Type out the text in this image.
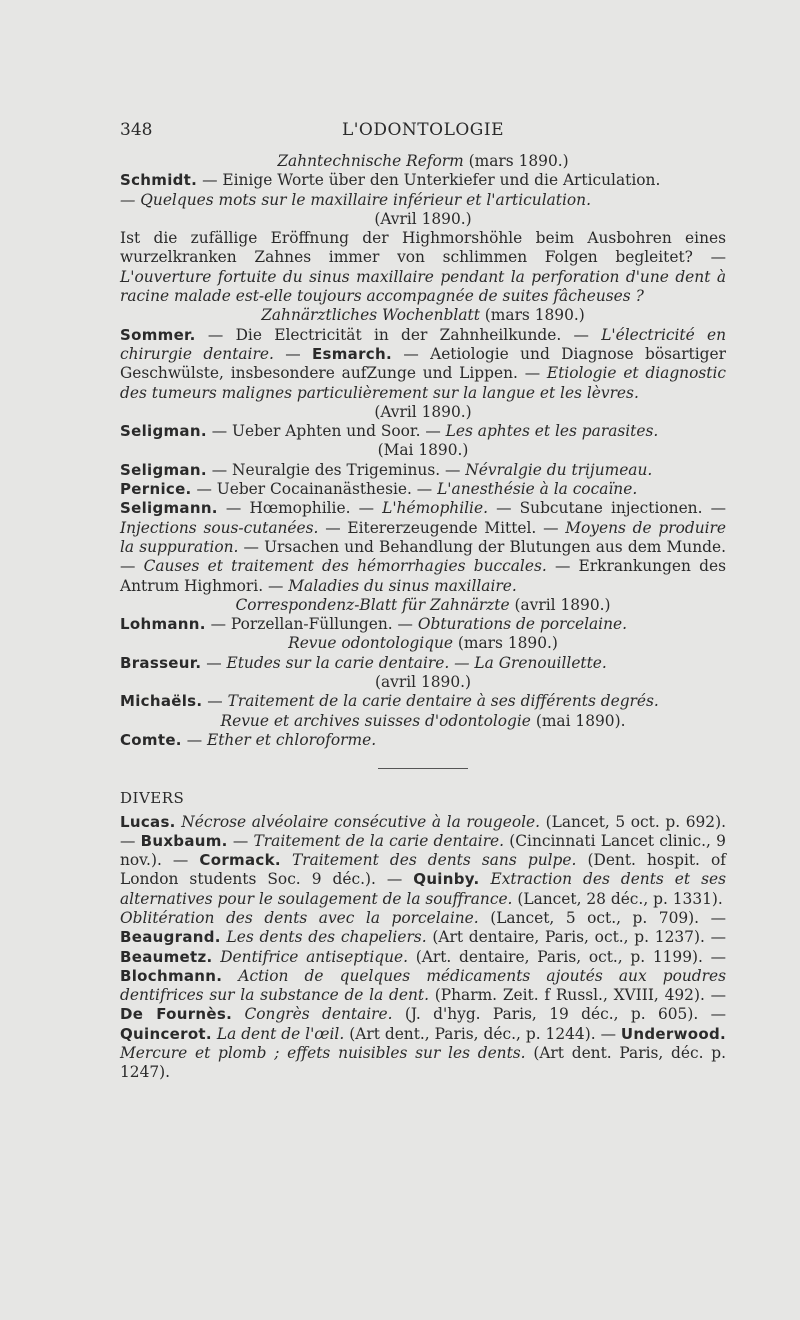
348	L'ODONTOLOGIE

Zahntechnische Reform (mars 1890.)

Schmidt. — Einige Worte über den Unterkiefer und die Articulation.
— Quelques mots sur le maxillaire inférieur et l'articulation.

(Avril 1890.)

Ist die zufällige Eröffnung der Highmorshöhle beim Ausbohren eines wurzelkranken Zahnes immer von schlimmen Folgen begleitet? — L'ouverture fortuite du sinus maxillaire pendant la perforation d'une dent à racine malade est-elle toujours accompagnée de suites fâcheuses ?

Zahnärztliches Wochenblatt (mars 1890.)

Sommer. — Die Electricität in der Zahnheilkunde. — L'électricité en chirurgie dentaire. — Esmarch. — Aetiologie und Diagnose bösartiger Geschwülste, insbesondere aufZunge und Lippen. — Etiologie et diagnostic des tumeurs malignes particulièrement sur la langue et les lèvres.

(Avril 1890.)

Seligman. — Ueber Aphten und Soor. — Les aphtes et les parasites.

(Mai 1890.)

Seligman. — Neuralgie des Trigeminus. — Névralgie du trijumeau.

Pernice. — Ueber Cocainanästhesie. — L'anesthésie à la cocaïne.

Seligmann. — Hœmophilie. — L'hémophilie. — Subcutane injectionen. — Injections sous-cutanées. — Eitererzeugende Mittel. — Moyens de produire la suppuration. — Ursachen und Behandlung der Blutungen aus dem Munde. — Causes et traitement des hémorrhagies buccales. — Erkrankungen des Antrum Highmori. — Maladies du sinus maxillaire.

Correspondenz-Blatt für Zahnärzte (avril 1890.)

Lohmann. — Porzellan-Füllungen. — Obturations de porcelaine.

Revue odontologique (mars 1890.)

Brasseur. — Etudes sur la carie dentaire. — La Grenouillette.

(avril 1890.)

Michaëls. — Traitement de la carie dentaire à ses différents degrés.

Revue et archives suisses d'odontologie (mai 1890).

Comte. — Ether et chloroforme.

DIVERS

Lucas. Nécrose alvéolaire consécutive à la rougeole. (Lancet, 5 oct. p. 692). — Buxbaum. — Traitement de la carie dentaire. (Cincinnati Lancet clinic., 9 nov.). — Cormack. Traitement des dents sans pulpe. (Dent. hospit. of London students Soc. 9 déc.). — Quinby. Extraction des dents et ses alternatives pour le soulagement de la souffrance. (Lancet, 28 déc., p. 1331).

Oblitération des dents avec la porcelaine. (Lancet, 5 oct., p. 709). — Beaugrand. Les dents des chapeliers. (Art dentaire, Paris, oct., p. 1237). — Beaumetz. Dentifrice antiseptique. (Art. dentaire, Paris, oct., p. 1199). — Blochmann. Action de quelques médicaments ajoutés aux poudres dentifrices sur la substance de la dent. (Pharm. Zeit. f Russl., XVIII, 492). — De Fournès. Congrès dentaire. (J. d'hyg. Paris, 19 déc., p. 605). — Quincerot. La dent de l'œil. (Art dent., Paris, déc., p. 1244). — Underwood. Mercure et plomb ; effets nuisibles sur les dents. (Art dent. Paris, déc. p. 1247).
